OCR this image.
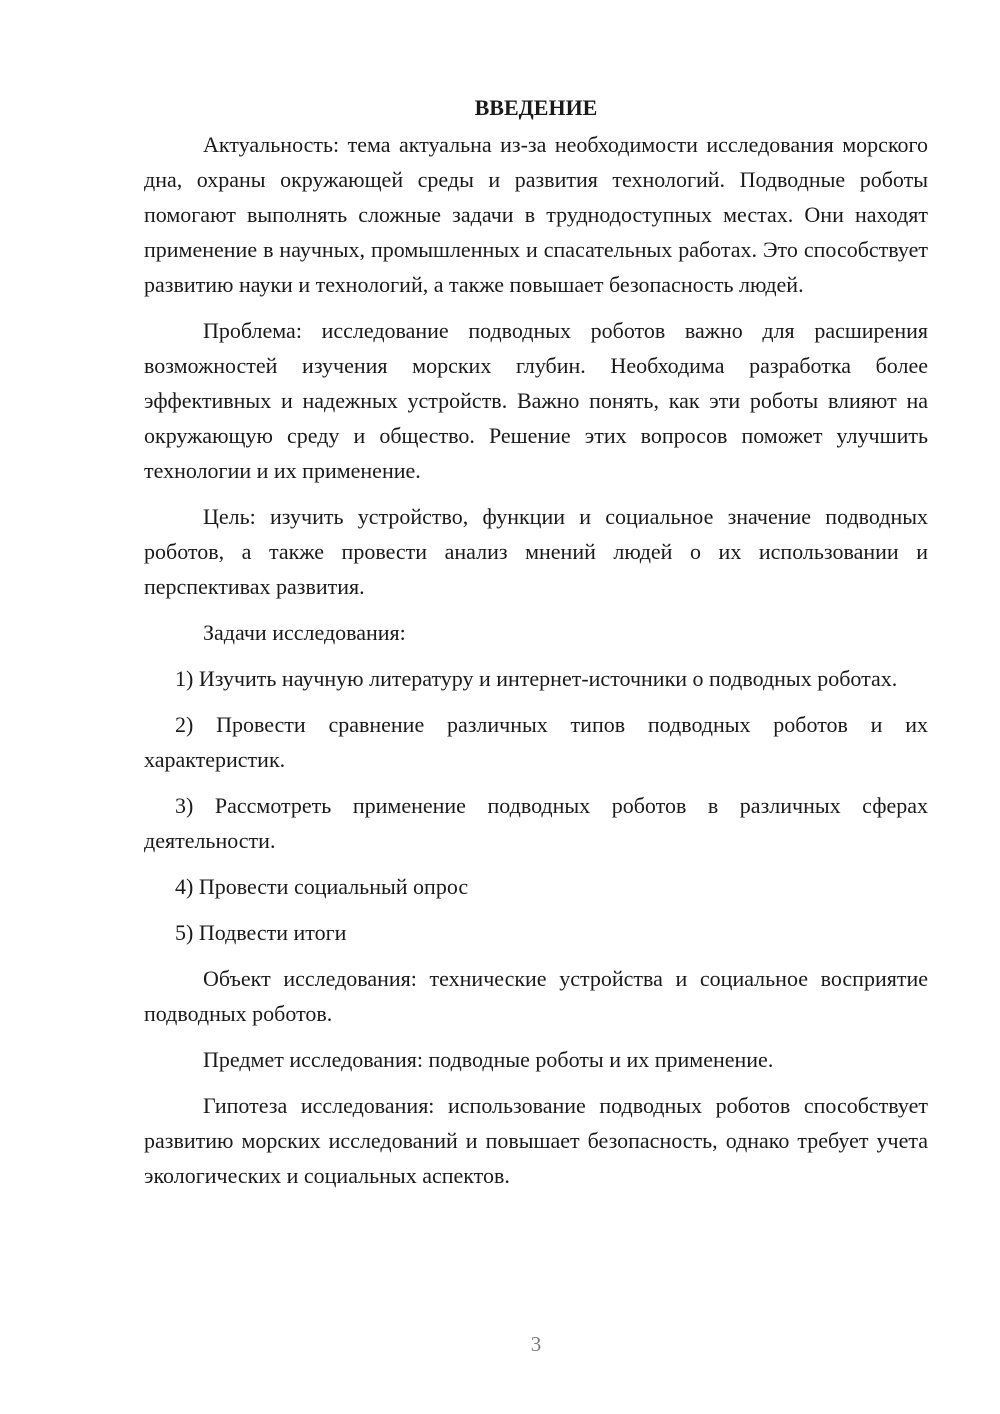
ВВЕДЕНИЕ

Актуальность: тема актуальна из-за необходимости исследования морского дна, охраны окружающей среды и развития технологий. Подводные роботы помогают выполнять сложные задачи в труднодоступных местах. Они находят применение в научных, промышленных и спасательных работах. Это способствует развитию науки и технологий, а также повышает безопасность людей.

Проблема: исследование подводных роботов важно для расширения возможностей изучения морских глубин. Необходима разработка более эффективных и надежных устройств. Важно понять, как эти роботы влияют на окружающую среду и общество. Решение этих вопросов поможет улучшить технологии и их применение.

Цель: изучить устройство, функции и социальное значение подводных роботов, а также провести анализ мнений людей о их использовании и перспективах развития.

Задачи исследования:

1) Изучить научную литературу и интернет-источники о подводных роботах.

2) Провести сравнение различных типов подводных роботов и их характеристик.

3) Рассмотреть применение подводных роботов в различных сферах деятельности.

4) Провести социальный опрос

5) Подвести итоги

Объект исследования: технические устройства и социальное восприятие подводных роботов.

Предмет исследования: подводные роботы и их применение.

Гипотеза исследования: использование подводных роботов способствует развитию морских исследований и повышает безопасность, однако требует учета экологических и социальных аспектов.

3
